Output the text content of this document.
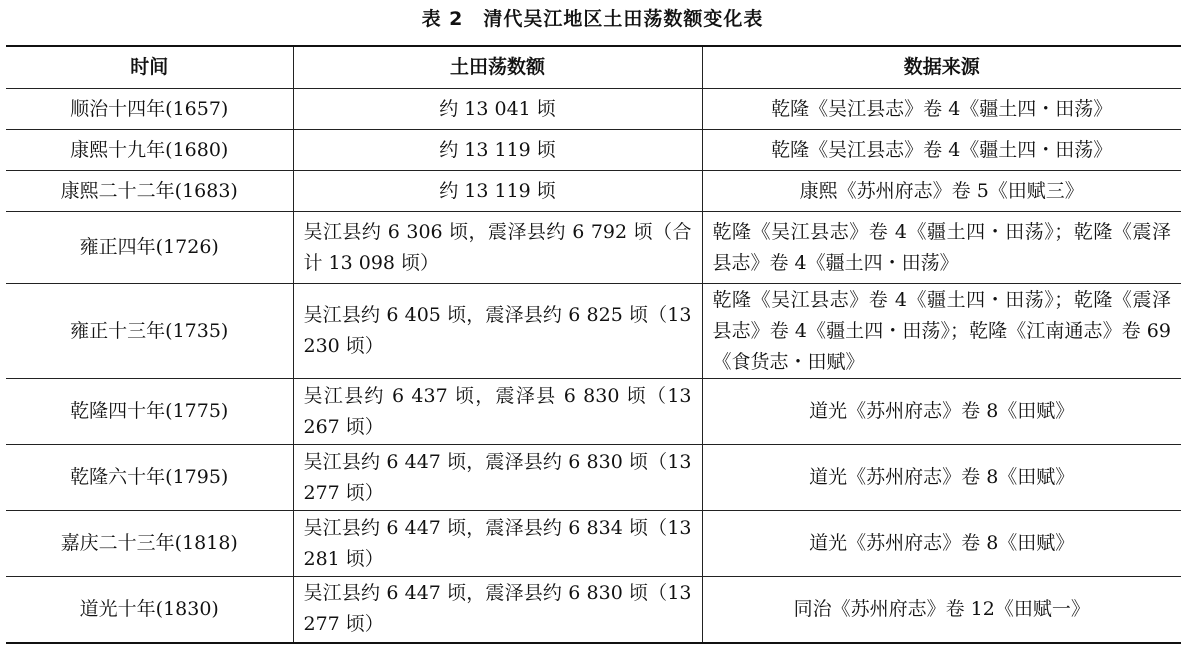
表 2 清代吴江地区土田荡数额变化表
时间	土田荡数额	数据来源
顺治十四年(1657)	约 13 041 顷	乾隆《吴江县志》卷 4《疆土四・田荡》
康熙十九年(1680)	约 13 119 顷	乾隆《吴江县志》卷 4《疆土四・田荡》
康熙二十二年(1683)	约 13 119 顷	康熙《苏州府志》卷 5《田赋三》
雍正四年(1726)	吴江县约 6 306 顷，震泽县约 6 792 顷（合计 13 098 顷）	乾隆《吴江县志》卷 4《疆土四・田荡》；乾隆《震泽县志》卷 4《疆土四・田荡》
雍正十三年(1735)	吴江县约 6 405 顷，震泽县约 6 825 顷（13 230 顷）	乾隆《吴江县志》卷 4《疆土四・田荡》；乾隆《震泽县志》卷 4《疆土四・田荡》；乾隆《江南通志》卷 69《食货志・田赋》
乾隆四十年(1775)	吴江县约 6 437 顷，震泽县 6 830 顷（13 267 顷）	道光《苏州府志》卷 8《田赋》
乾隆六十年(1795)	吴江县约 6 447 顷，震泽县约 6 830 顷（13 277 顷）	道光《苏州府志》卷 8《田赋》
嘉庆二十三年(1818)	吴江县约 6 447 顷，震泽县约 6 834 顷（13 281 顷）	道光《苏州府志》卷 8《田赋》
道光十年(1830)	吴江县约 6 447 顷，震泽县约 6 830 顷（13 277 顷）	同治《苏州府志》卷 12《田赋一》
